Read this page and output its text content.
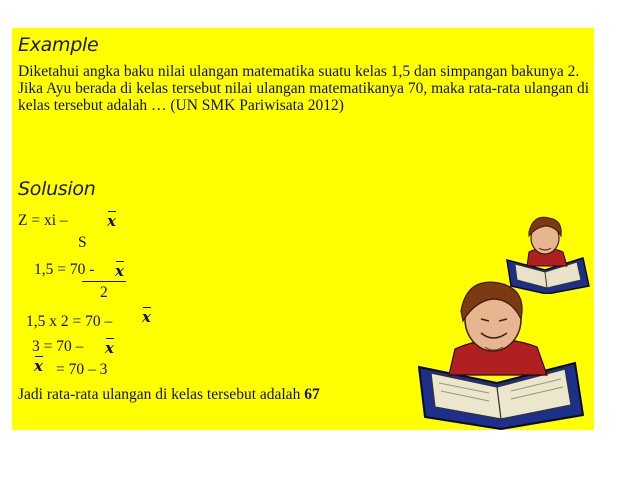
Example
Diketahui angka baku nilai ulangan matematika suatu kelas 1,5 dan simpangan bakunya 2. Jika Ayu berada di kelas tersebut nilai ulangan matematikanya 70, maka rata-rata ulangan di kelas tersebut adalah … (UN SMK Pariwisata 2012)
Solusion
Z = xi –	x
S
1,5 = 70 - x
2
1,5 x 2 = 70 – x
3 = 70 – x
x = 70 – 3
Jadi rata-rata ulangan di kelas tersebut adalah 67
